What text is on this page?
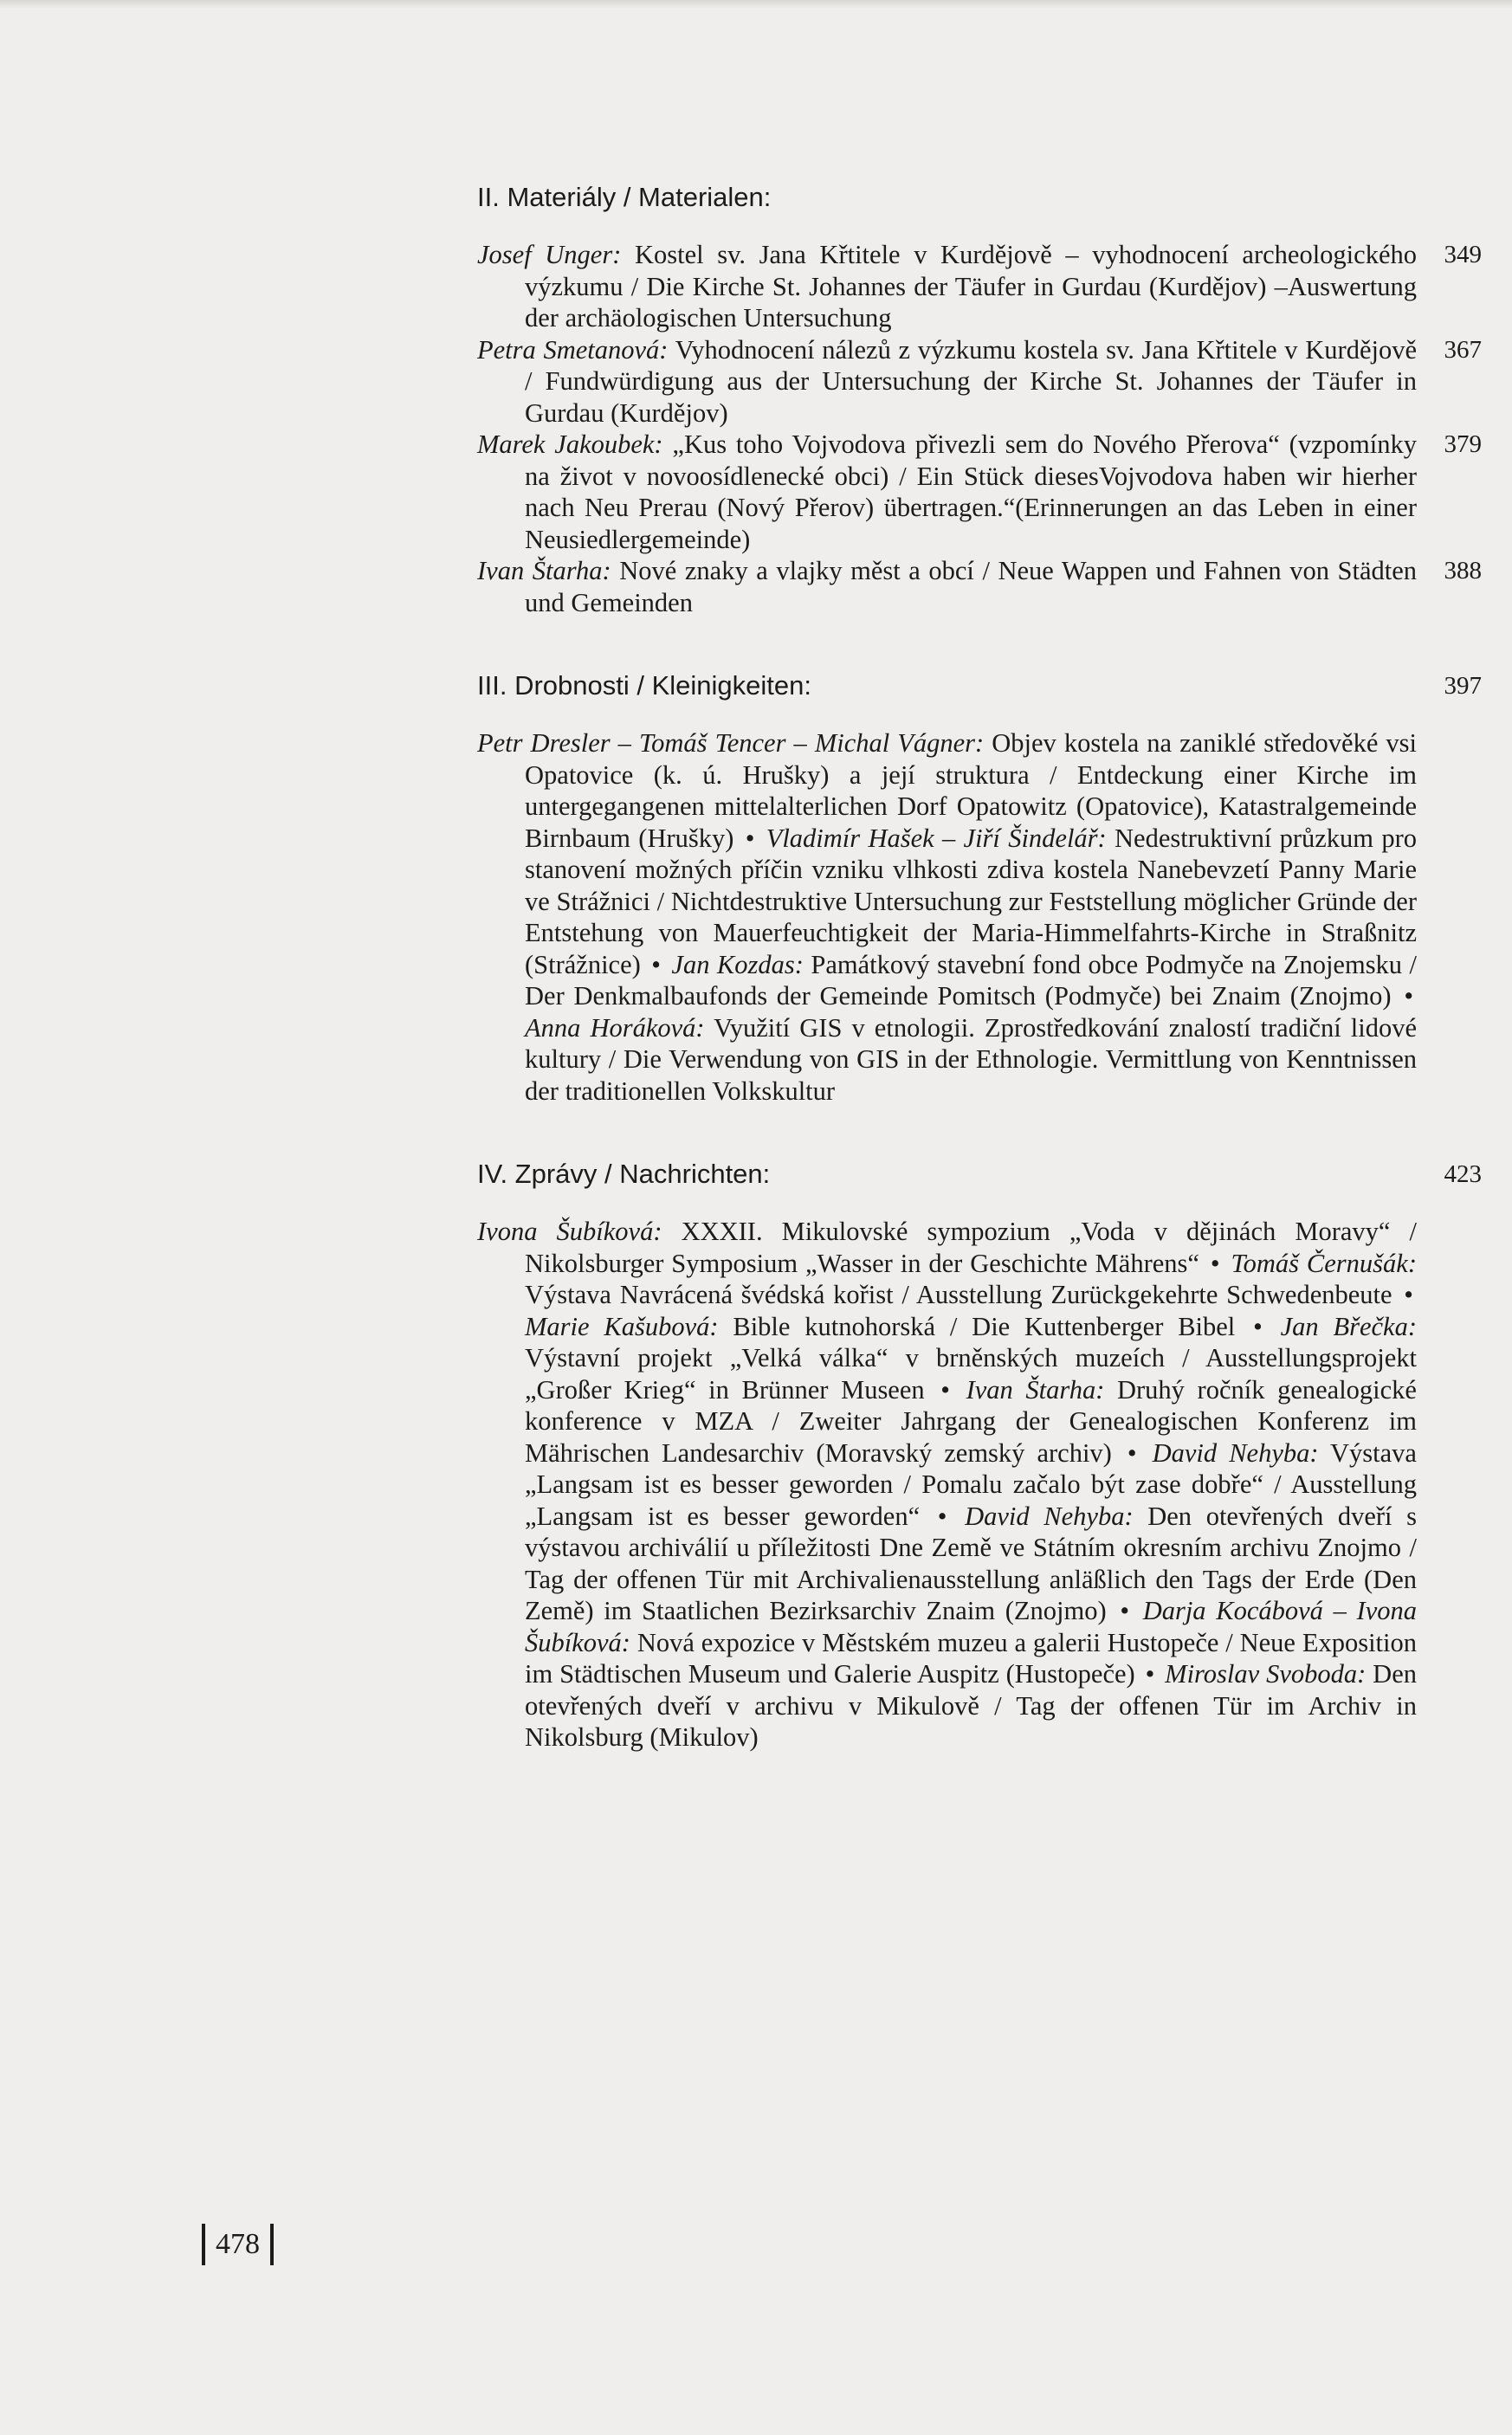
II. Materiály / Materialen:
Josef Unger: Kostel sv. Jana Křtitele v Kurdějově – vyhodnocení archeologického výzkumu / Die Kirche St. Johannes der Täufer in Gurdau (Kurdějov) –Auswertung der archäologischen Untersuchung
349
Petra Smetanová: Vyhodnocení nálezů z výzkumu kostela sv. Jana Křtitele v Kurdějově / Fundwürdigung aus der Untersuchung der Kirche St. Johannes der Täufer in Gurdau (Kurdějov)
367
Marek Jakoubek: „Kus toho Vojvodova přivezli sem do Nového Přerova“ (vzpomínky na život v novoosídlenecké obci) / Ein Stück diesesVojvodova haben wir hierher nach Neu Prerau (Nový Přerov) übertragen.“(Erinnerungen an das Leben in einer Neusiedlergemeinde)
379
Ivan Štarha: Nové znaky a vlajky měst a obcí / Neue Wappen und Fahnen von Städten und Gemeinden
388
III. Drobnosti / Kleinigkeiten:	397
Petr Dresler – Tomáš Tencer – Michal Vágner: Objev kostela na zaniklé středověké vsi Opatovice (k. ú. Hrušky) a její struktura / Entdeckung einer Kirche im untergegangenen mittelalterlichen Dorf Opatowitz (Opatovice), Katastralgemeinde Birnbaum (Hrušky) • Vladimír Hašek – Jiří Šindelář: Nedestruktivní průzkum pro stanovení možných příčin vzniku vlhkosti zdiva kostela Nanebevzetí Panny Marie ve Strážnici / Nichtdestruktive Untersuchung zur Feststellung möglicher Gründe der Entstehung von Mauerfeuchtigkeit der Maria-Himmelfahrts-Kirche in Straßnitz (Strážnice) • Jan Kozdas: Památkový stavební fond obce Podmyče na Znojemsku / Der Denkmalbaufonds der Gemeinde Pomitsch (Podmyče) bei Znaim (Znojmo) • Anna Horáková: Využití GIS v etnologii. Zprostředkování znalostí tradiční lidové kultury / Die Verwendung von GIS in der Ethnologie. Vermittlung von Kenntnissen der traditionellen Volkskultur
IV. Zprávy / Nachrichten:	423
Ivona Šubíková: XXXII. Mikulovské sympozium „Voda v dějinách Moravy“ / Nikolsburger Symposium „Wasser in der Geschichte Mährens“ • Tomáš Černušák: Výstava Navrácená švédská kořist / Ausstellung Zurückgekehrte Schwedenbeute • Marie Kašubová: Bible kutnohorská / Die Kuttenberger Bibel • Jan Břečka: Výstavní projekt „Velká válka“ v brněnských muzeích / Ausstellungsprojekt „Großer Krieg“ in Brünner Museen • Ivan Štarha: Druhý ročník genealogické konference v MZA / Zweiter Jahrgang der Genealogischen Konferenz im Mährischen Landesarchiv (Moravský zemský archiv) • David Nehyba: Výstava „Langsam ist es besser geworden / Pomalu začalo být zase dobře“ / Ausstellung „Langsam ist es besser geworden“ • David Nehyba: Den otevřených dveří s výstavou archiválií u příležitosti Dne Země ve Státním okresním archivu Znojmo / Tag der offenen Tür mit Archivalienausstellung anläßlich den Tags der Erde (Den Země) im Staatlichen Bezirksarchiv Znaim (Znojmo) • Darja Kocábová – Ivona Šubíková: Nová expozice v Městském muzeu a galerii Hustopeče / Neue Exposition im Städtischen Museum und Galerie Auspitz (Hustopeče) • Miroslav Svoboda: Den otevřených dveří v archivu v Mikulově / Tag der offenen Tür im Archiv in Nikolsburg (Mikulov)
478
